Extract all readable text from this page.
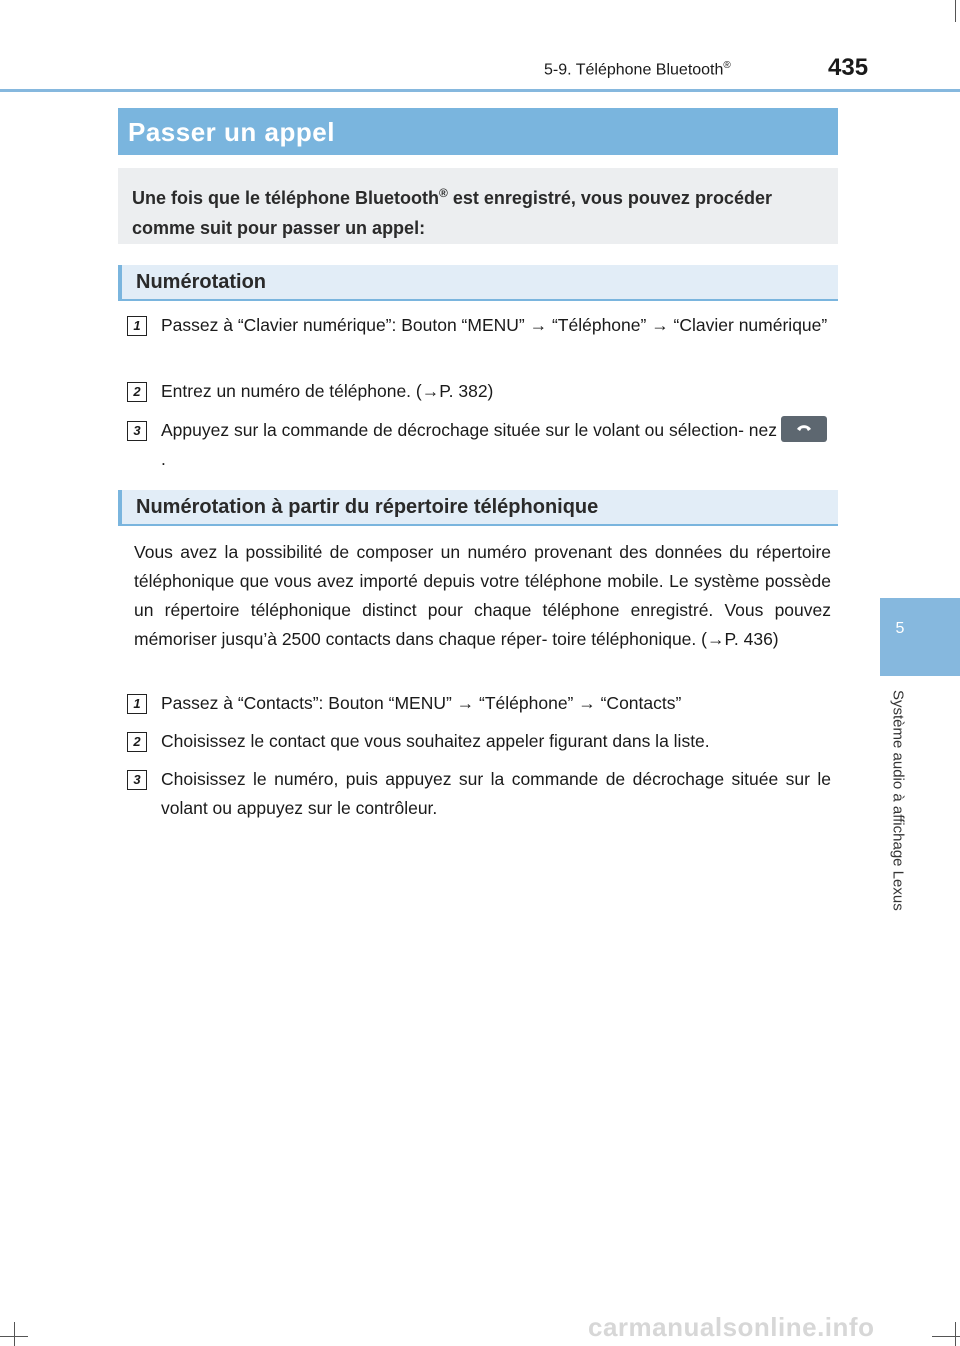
5-9. Téléphone Bluetooth®	435
5
Système audio à affichage Lexus
Passer un appel

Une fois que le téléphone Bluetooth® est enregistré, vous pouvez procéder comme suit pour passer un appel:

Numérotation
1	Passez à “Clavier numérique”: Bouton “MENU” → “Téléphone” → “Clavier numérique”
2	Entrez un numéro de téléphone. (→P. 382)
3	Appuyez sur la commande de décrochage située sur le volant ou sélection- nez
.
Numérotation à partir du répertoire téléphonique
Vous avez la possibilité de composer un numéro provenant des données du répertoire téléphonique que vous avez importé depuis votre téléphone mobile. Le système possède un répertoire téléphonique distinct pour chaque téléphone enregistré. Vous pouvez mémoriser jusqu’à 2500 contacts dans chaque réper- toire téléphonique. (→P. 436)
1	Passez à “Contacts”: Bouton “MENU” → “Téléphone” → “Contacts”
2	Choisissez le contact que vous souhaitez appeler figurant dans la liste.
3	Choisissez le numéro, puis appuyez sur la commande de décrochage située sur le volant ou appuyez sur le contrôleur.
carmanualsonline.info
